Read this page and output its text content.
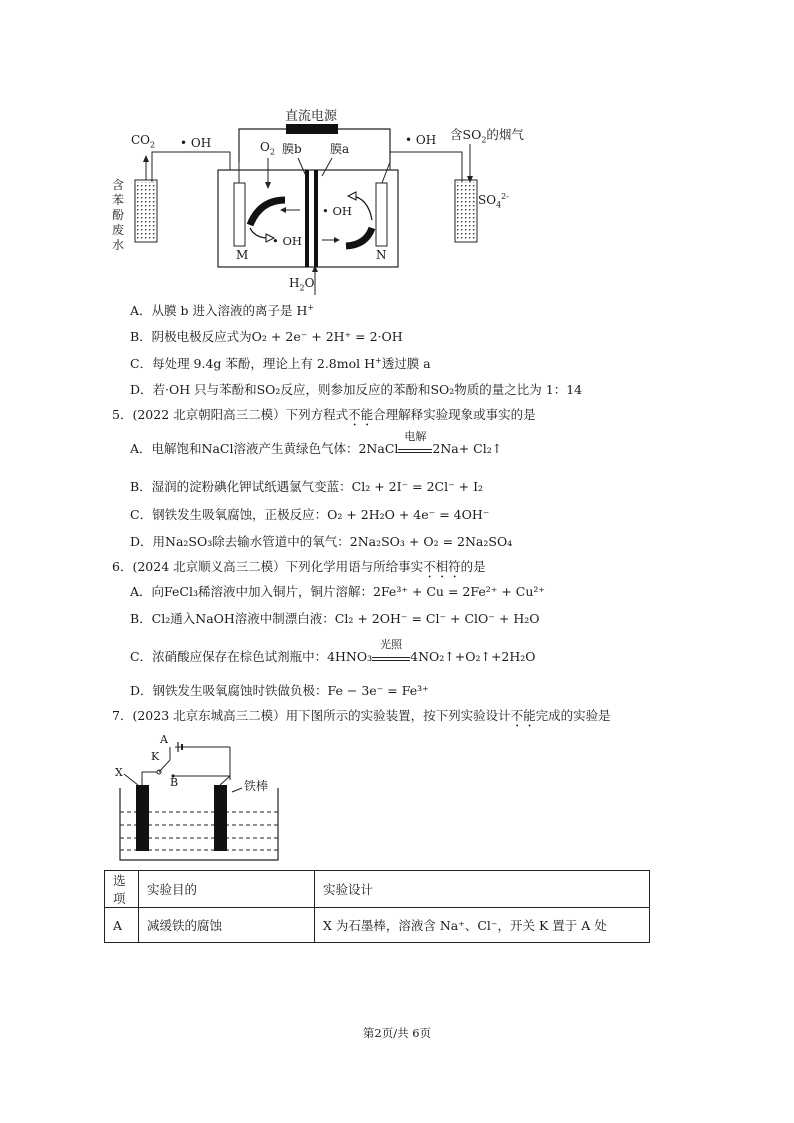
直流电源
$CO_2$ • OH	• OH 含$SO_2$的烟气
含
苯
酚
废
水
$O_2$ 膜b 膜a
• OH
• OH
M	N
$H_2O$
$SO_4^{2-}$
A．从膜 b 进入溶液的离子是 H+
B．阴极电极反应式为O₂ + 2e⁻ + 2H⁺ = 2·OH
C．每处理 9.4g 苯酚，理论上有 2.8mol H+透过膜 a
D．若·OH 只与苯酚和SO₂反应，则参加反应的苯酚和SO₂物质的量之比为 1：14
5．(2022 北京朝阳高三二模）下列方程式不能合理解释实验现象或事实的是
A．电解饱和NaCl溶液产生黄绿色气体：2NaCl
电解
2Na+ Cl₂↑
B．湿润的淀粉碘化钾试纸遇氯气变蓝：Cl₂ + 2I⁻ = 2Cl⁻ + I₂
C．钢铁发生吸氧腐蚀，正极反应：O₂ + 2H₂O + 4e⁻ = 4OH⁻
D．用Na₂SO₃除去输水管道中的氧气：2Na₂SO₃ + O₂ = 2Na₂SO₄
6．(2024 北京顺义高三二模）下列化学用语与所给事实不相符的是
A．向FeCl₃稀溶液中加入铜片，铜片溶解：2Fe³⁺ + Cu = 2Fe²⁺ + Cu²⁺
B．Cl₂通入NaOH溶液中制漂白液：Cl₂ + 2OH⁻ = Cl⁻ + ClO⁻ + H₂O
C．浓硝酸应保存在棕色试剂瓶中：4HNO₃
光照
4NO₂↑+O₂↑+2H₂O
D．钢铁发生吸氧腐蚀时铁做负极：Fe − 3e⁻ = Fe³⁺
7．(2023 北京东城高三二模）用下图所示的实验装置，按下列实验设计不能完成的实验是
A
K
X
B	铁棒
选项	实验目的	实验设计
A	减缓铁的腐蚀	X 为石墨棒，溶液含 Na⁺、Cl⁻，开关 K 置于 A 处
第2页/共 6页
